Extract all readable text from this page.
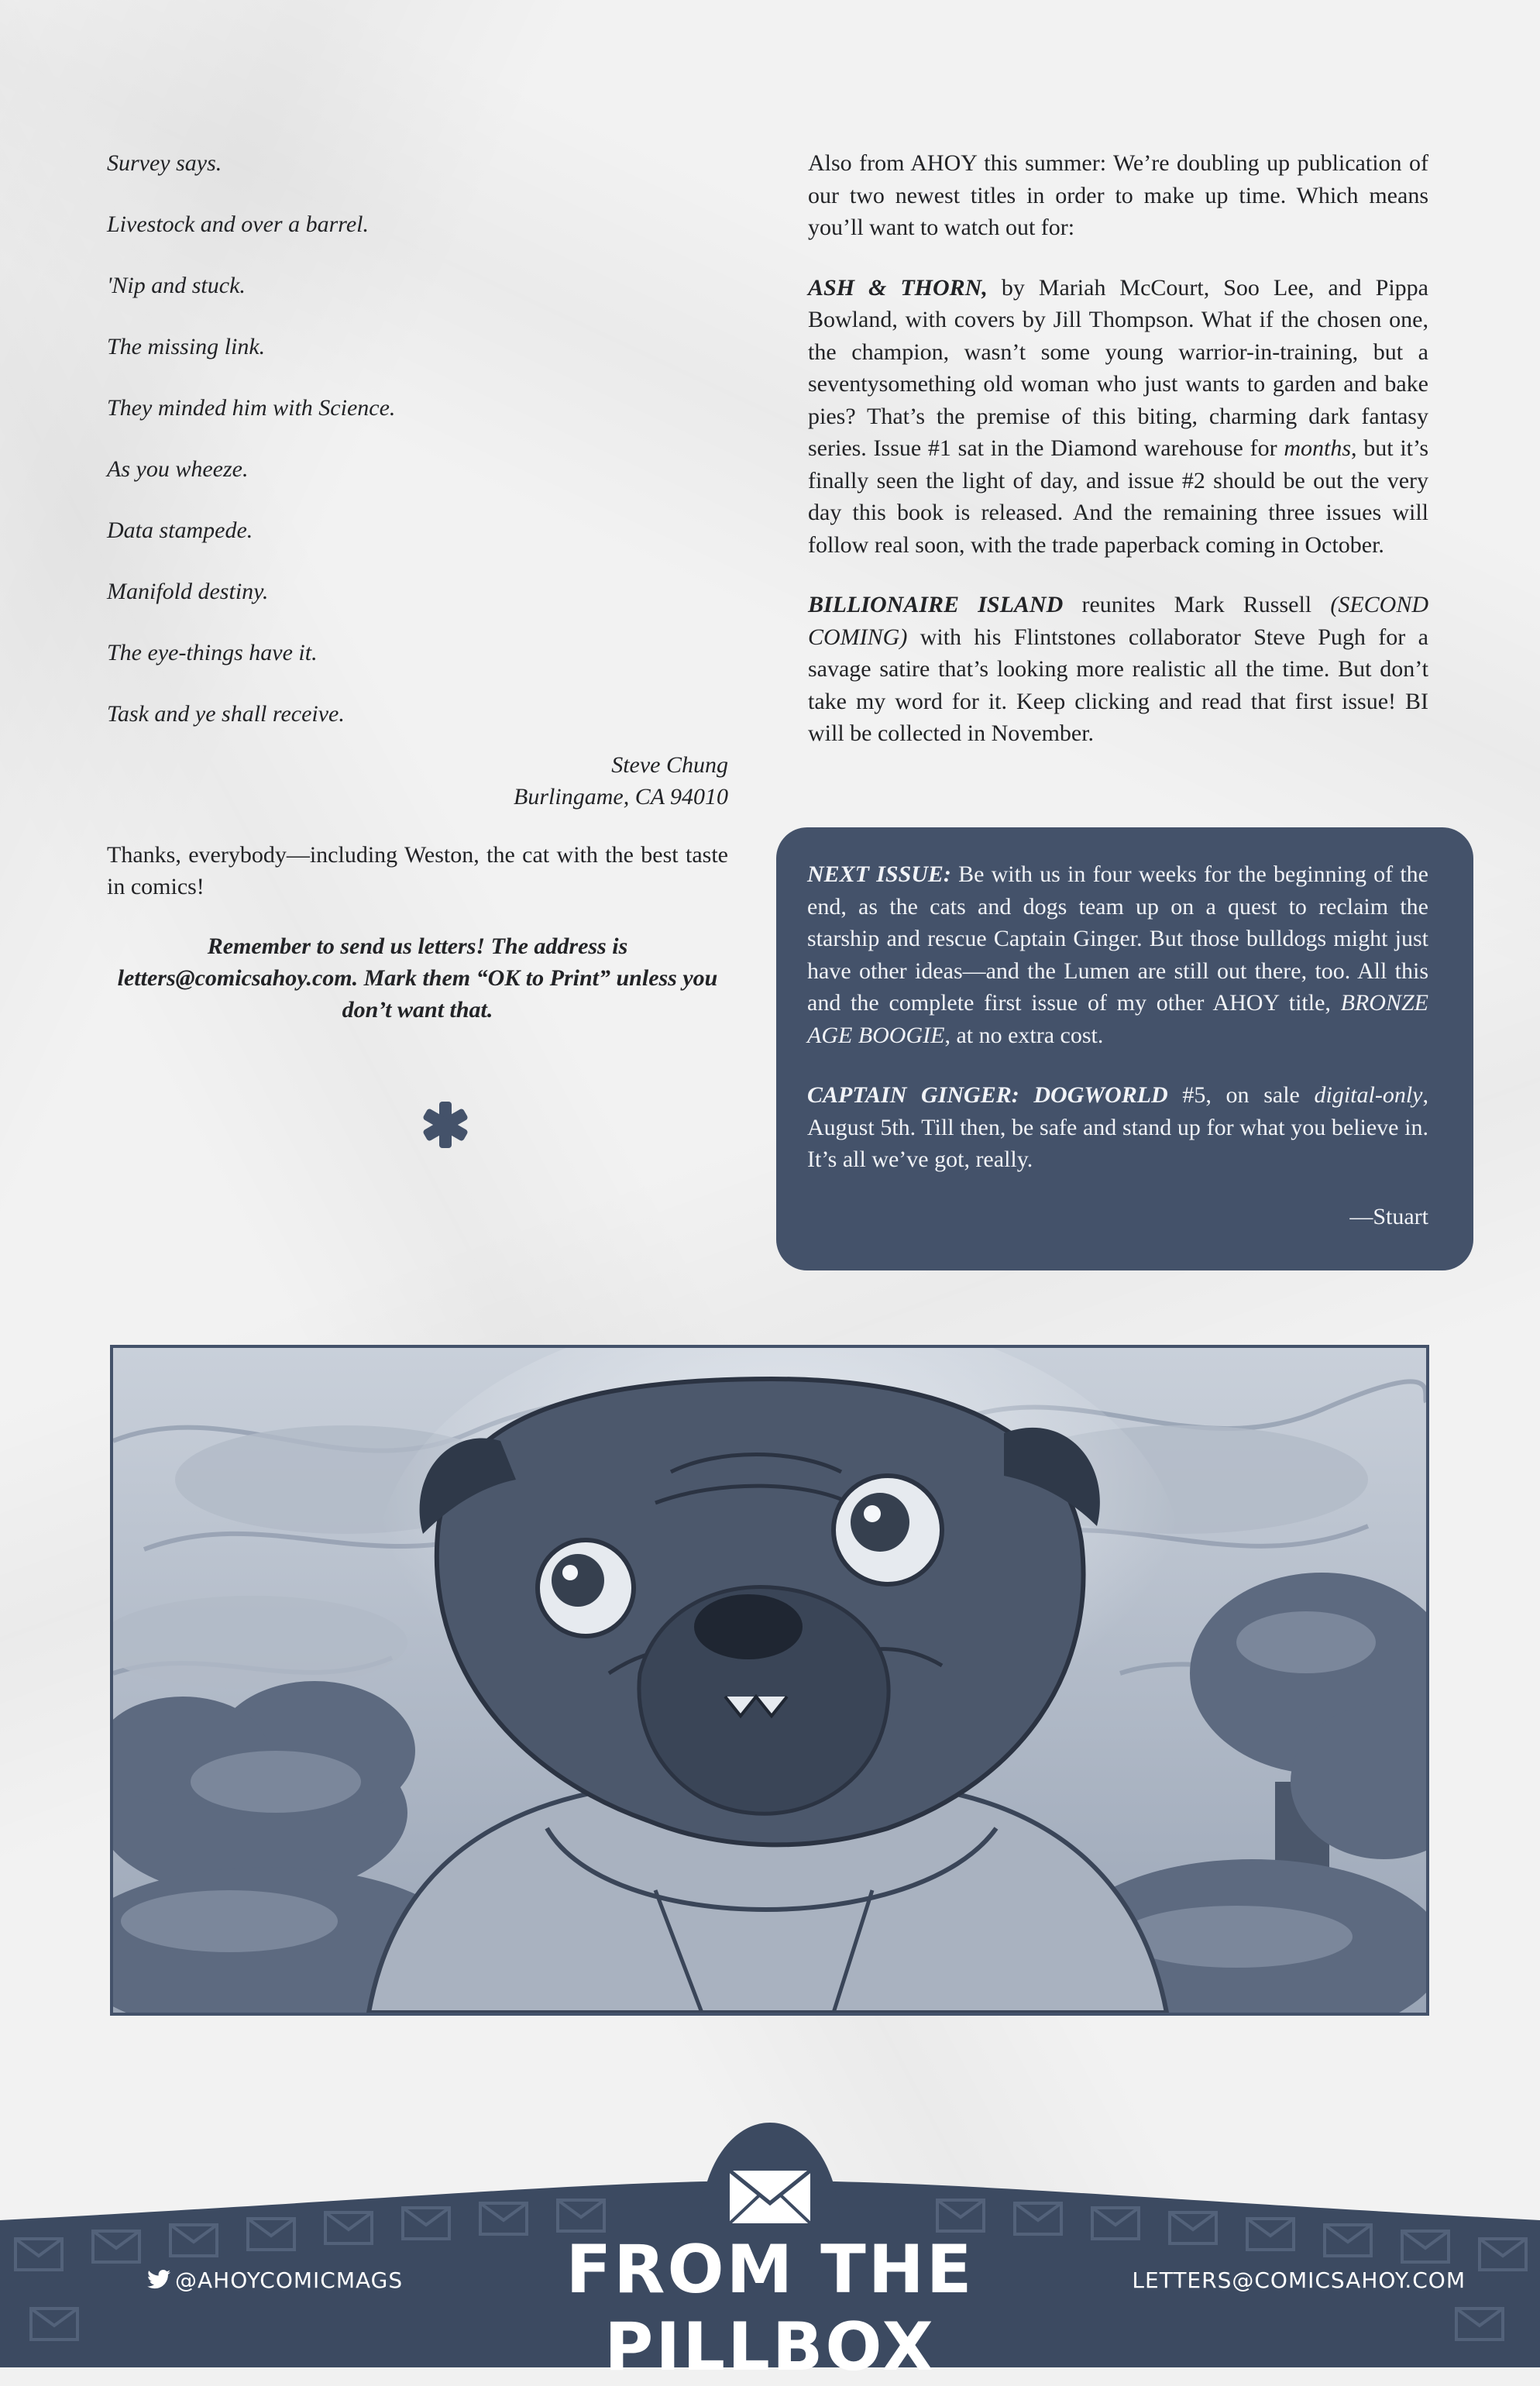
Survey says.

Livestock and over a barrel.

'Nip and stuck.

The missing link.

They minded him with Science.

As you wheeze.

Data stampede.

Manifold destiny.

The eye-things have it.

Task and ye shall receive.

Steve Chung

Burlingame, CA 94010

Thanks, everybody—including Weston, the cat with the best taste in comics!

Remember to send us letters! The address is letters@comicsahoy.com. Mark them “OK to Print” unless you don’t want that.

Also from AHOY this summer: We’re doubling up publication of our two newest titles in order to make up time. Which means you’ll want to watch out for:

ASH & THORN, by Mariah McCourt, Soo Lee, and Pippa Bowland, with covers by Jill Thompson. What if the chosen one, the champion, wasn’t some young warrior-in-training, but a seventysomething old woman who just wants to garden and bake pies? That’s the premise of this biting, charming dark fantasy series. Issue #1 sat in the Diamond warehouse for months, but it’s finally seen the light of day, and issue #2 should be out the very day this book is released. And the remaining three issues will follow real soon, with the trade paperback coming in October.

BILLIONAIRE ISLAND reunites Mark Russell (SECOND COMING) with his Flintstones collaborator Steve Pugh for a savage satire that’s looking more realistic all the time. But don’t take my word for it. Keep clicking and read that first issue! BI will be collected in November.

NEXT ISSUE: Be with us in four weeks for the beginning of the end, as the cats and dogs team up on a quest to reclaim the starship and rescue Captain Ginger. But those bulldogs might just have other ideas—and the Lumen are still out there, too. All this and the complete first issue of my other AHOY title, BRONZE AGE BOOGIE, at no extra cost.

CAPTAIN GINGER: DOGWORLD #5, on sale digital-only, August 5th. Till then, be safe and stand up for what you believe in. It’s all we’ve got, really.

—Stuart

@AHOYCOMICMAGS	FROM THE PILLBOX
LETTERS@COMICSAHOY.COM
